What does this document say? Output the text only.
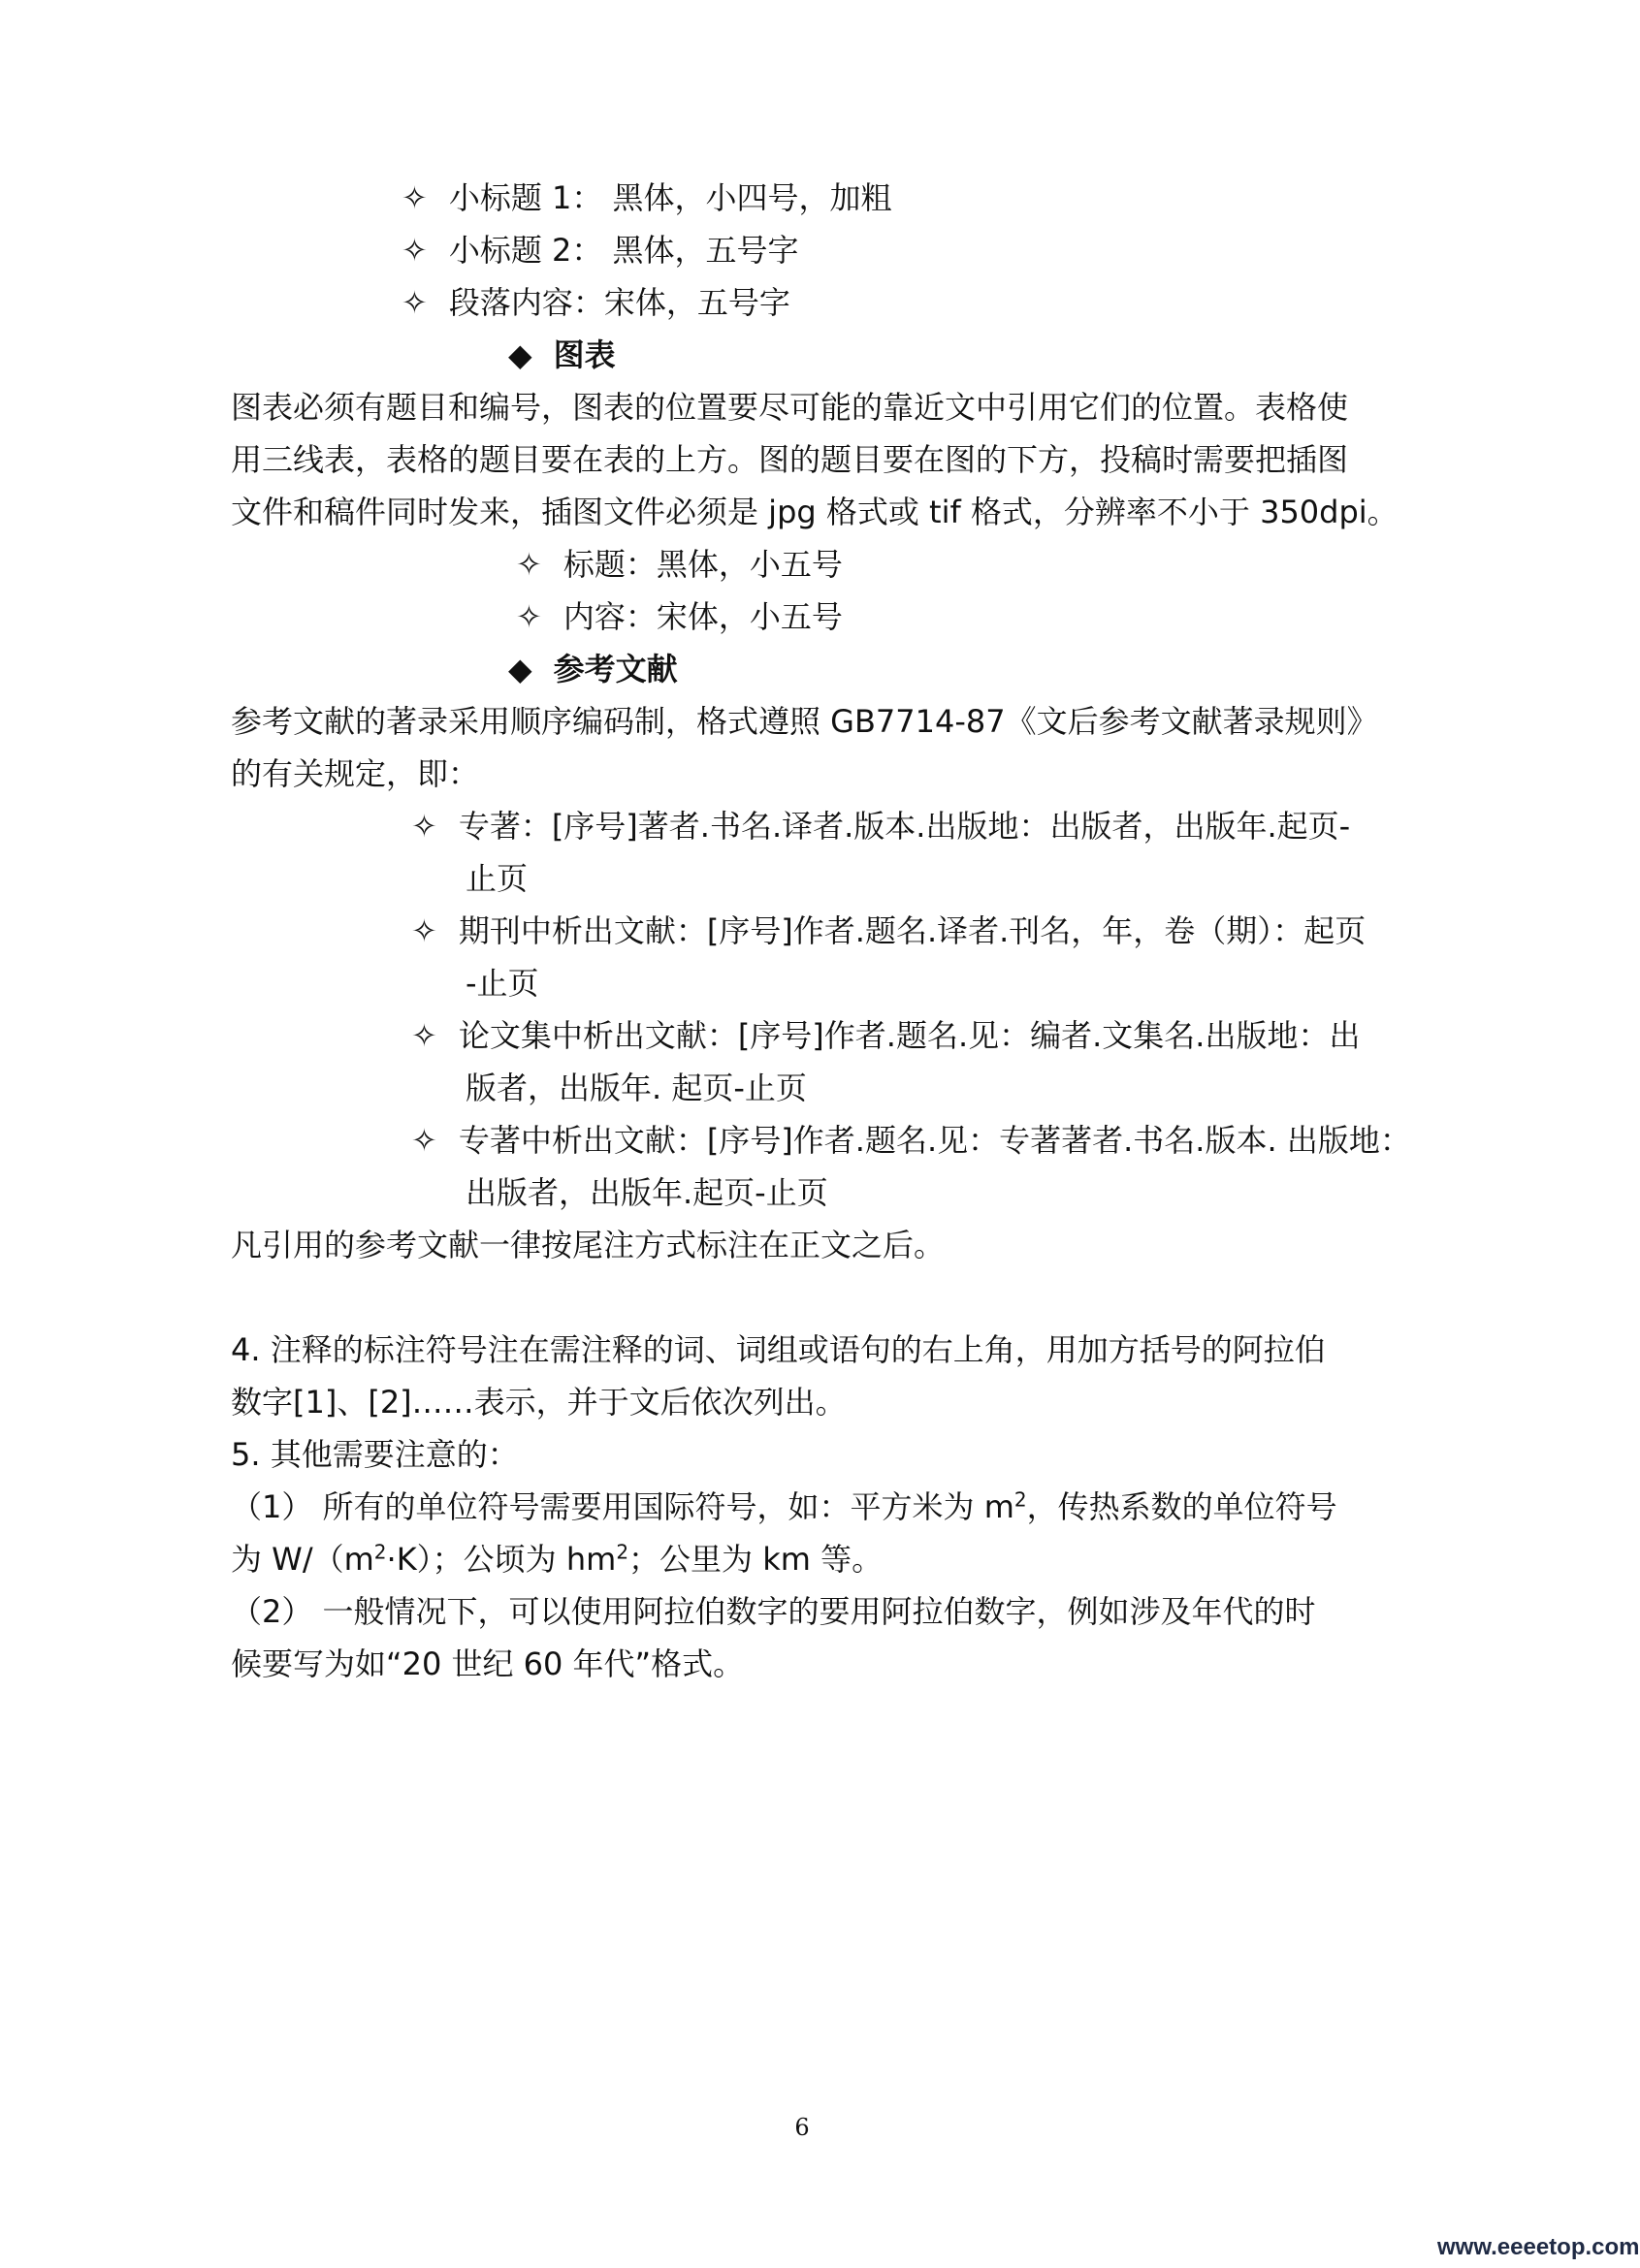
✧ 小标题 1： 黑体，小四号，加粗
✧ 小标题 2： 黑体，五号字
✧ 段落内容：宋体，五号字
◆ 图表
图表必须有题目和编号，图表的位置要尽可能的靠近文中引用它们的位置。表格使
用三线表，表格的题目要在表的上方。图的题目要在图的下方，投稿时需要把插图
文件和稿件同时发来，插图文件必须是 jpg 格式或 tif 格式，分辨率不小于 350dpi。
✧ 标题：黑体，小五号
✧ 内容：宋体，小五号
◆ 参考文献
参考文献的著录采用顺序编码制，格式遵照 GB7714-87《文后参考文献著录规则》
的有关规定，即：
✧ 专著：[序号]著者.书名.译者.版本.出版地：出版者，出版年.起页-
止页
✧ 期刊中析出文献：[序号]作者.题名.译者.刊名，年，卷（期）：起页
-止页
✧ 论文集中析出文献：[序号]作者.题名.见：编者.文集名.出版地：出
版者，出版年. 起页-止页
✧ 专著中析出文献：[序号]作者.题名.见：专著著者.书名.版本. 出版地：
出版者，出版年.起页-止页
凡引用的参考文献一律按尾注方式标注在正文之后。
4. 注释的标注符号注在需注释的词、词组或语句的右上角，用加方括号的阿拉伯
数字[1]、[2]……表示，并于文后依次列出。
5. 其他需要注意的：
（1） 所有的单位符号需要用国际符号，如：平方米为 $m^2$，传热系数的单位符号
为 $W/(m^2\cdot K)$；公顷为 $hm^2$；公里为 km 等。
（2） 一般情况下，可以使用阿拉伯数字的要用阿拉伯数字，例如涉及年代的时
候要写为如“20 世纪 60 年代”格式。
6
www.eeeetop.com
